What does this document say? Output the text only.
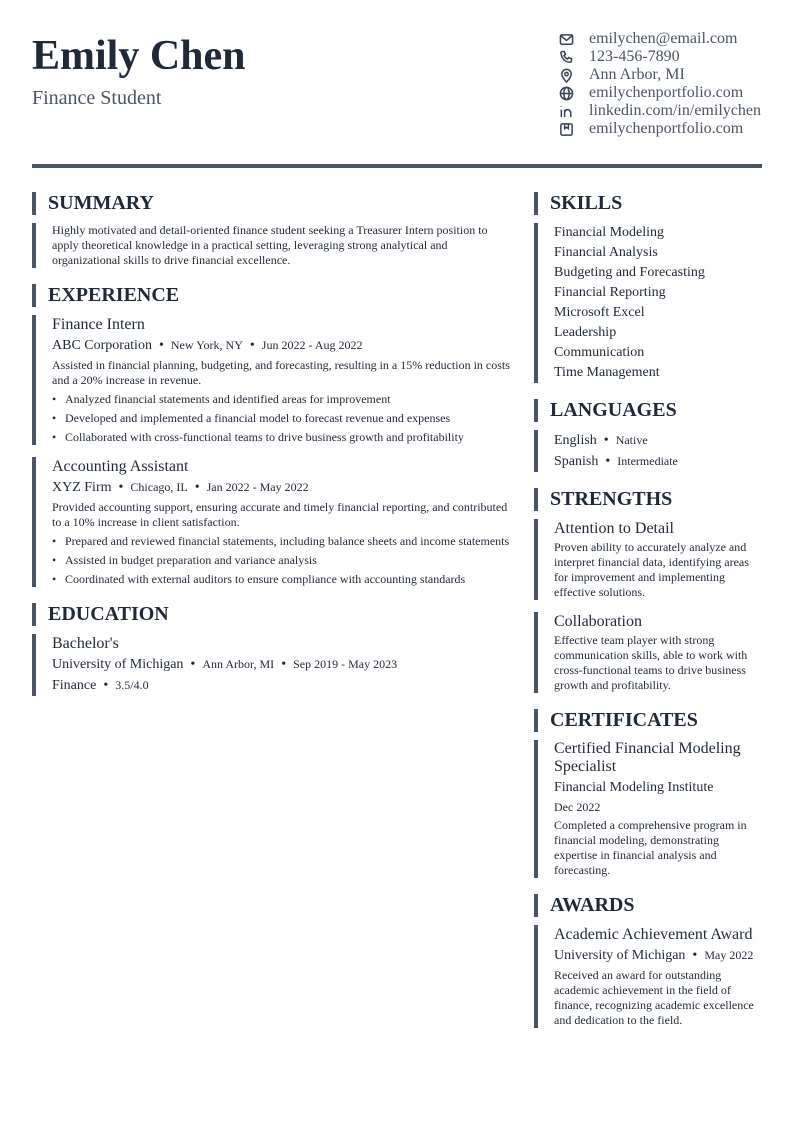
Emily Chen
Finance Student
emilychen@email.com
123-456-7890
Ann Arbor, MI
emilychenportfolio.com
linkedin.com/in/emilychen
emilychenportfolio.com
SUMMARY
Highly motivated and detail-oriented finance student seeking a Treasurer Intern position to apply theoretical knowledge in a practical setting, leveraging strong analytical and organizational skills to drive financial excellence.
EXPERIENCE
Finance Intern
ABC Corporation • New York, NY • Jun 2022 - Aug 2022
Assisted in financial planning, budgeting, and forecasting, resulting in a 15% reduction in costs and a 20% increase in revenue.
• Analyzed financial statements and identified areas for improvement
• Developed and implemented a financial model to forecast revenue and expenses
• Collaborated with cross-functional teams to drive business growth and profitability
Accounting Assistant
XYZ Firm • Chicago, IL • Jan 2022 - May 2022
Provided accounting support, ensuring accurate and timely financial reporting, and contributed to a 10% increase in client satisfaction.
• Prepared and reviewed financial statements, including balance sheets and income statements
• Assisted in budget preparation and variance analysis
• Coordinated with external auditors to ensure compliance with accounting standards
EDUCATION
Bachelor's
University of Michigan • Ann Arbor, MI • Sep 2019 - May 2023
Finance • 3.5/4.0
SKILLS
Financial Modeling
Financial Analysis
Budgeting and Forecasting
Financial Reporting
Microsoft Excel
Leadership
Communication
Time Management
LANGUAGES
English • Native
Spanish • Intermediate
STRENGTHS
Attention to Detail
Proven ability to accurately analyze and interpret financial data, identifying areas for improvement and implementing effective solutions.
Collaboration
Effective team player with strong communication skills, able to work with cross-functional teams to drive business growth and profitability.
CERTIFICATES
Certified Financial Modeling Specialist
Financial Modeling Institute
Dec 2022
Completed a comprehensive program in financial modeling, demonstrating expertise in financial analysis and forecasting.
AWARDS
Academic Achievement Award
University of Michigan • May 2022
Received an award for outstanding academic achievement in the field of finance, recognizing academic excellence and dedication to the field.
